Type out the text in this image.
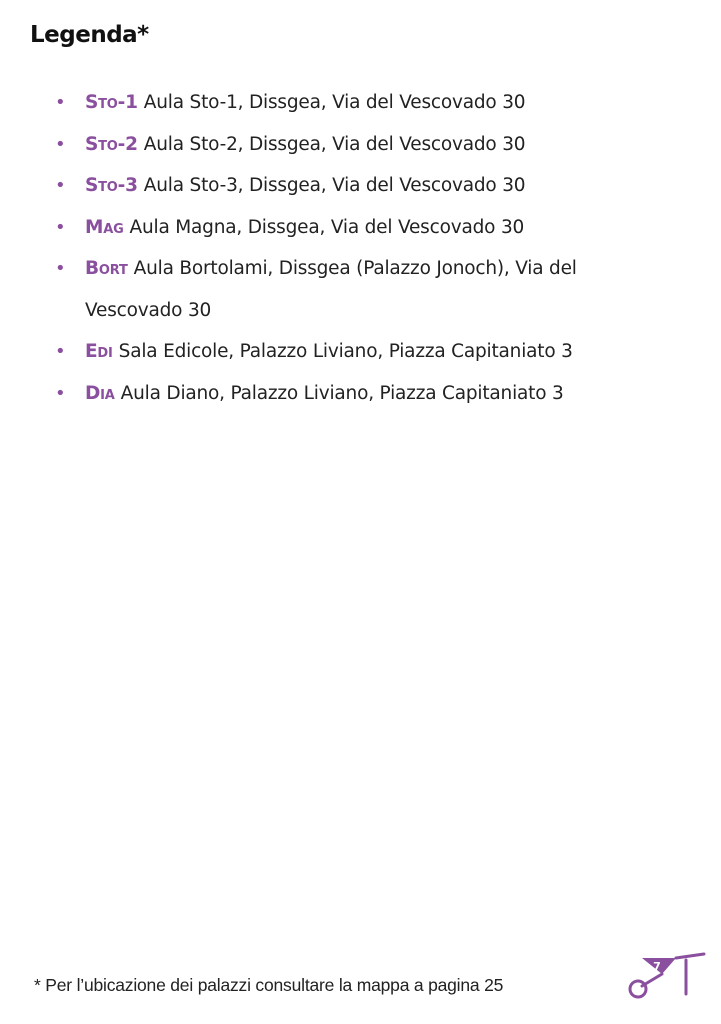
Legenda*
• Sto-1 Aula Sto-1, Dissgea, Via del Vescovado 30
• Sto-2 Aula Sto-2, Dissgea, Via del Vescovado 30
• Sto-3 Aula Sto-3, Dissgea, Via del Vescovado 30
• Mag Aula Magna, Dissgea, Via del Vescovado 30
• Bort Aula Bortolami, Dissgea (Palazzo Jonoch), Via del Vescovado 30
• Edi Sala Edicole, Palazzo Liviano, Piazza Capitaniato 3
• Dia Aula Diano, Palazzo Liviano, Piazza Capitaniato 3
* Per l’ubicazione dei palazzi consultare la mappa a pagina 25
7
